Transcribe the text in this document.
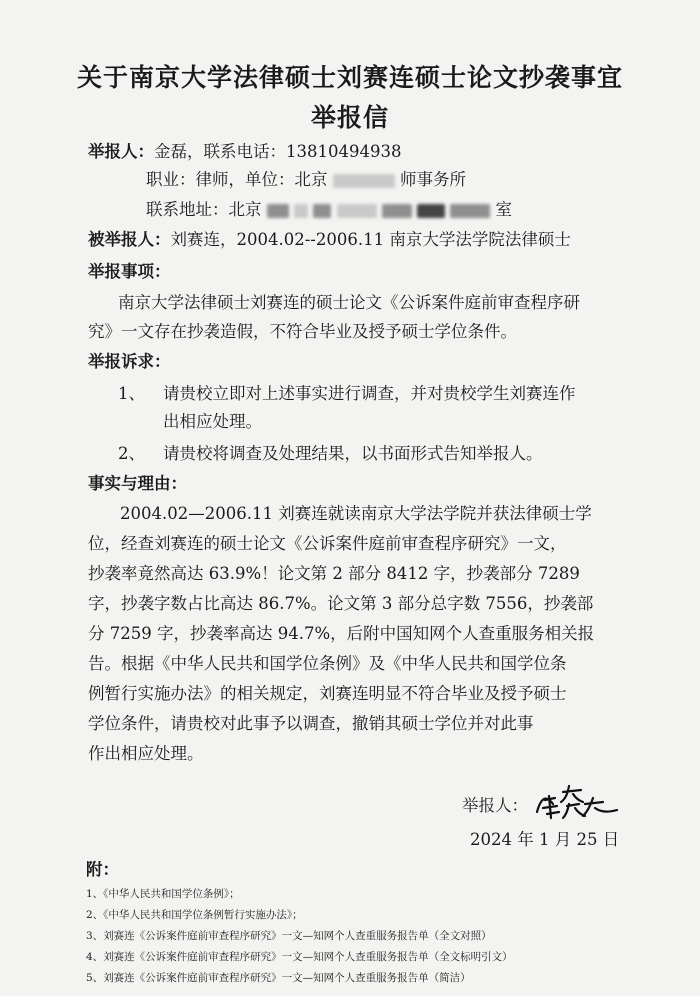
关于南京大学法律硕士刘赛连硕士论文抄袭事宜
举报信
举报人：金磊，联系电话：13810494938
职业：律师，单位：北京	师事务所
联系地址：北京	室
被举报人：刘赛连，2004.02--2006.11 南京大学法学院法律硕士
举报事项：
南京大学法律硕士刘赛连的硕士论文《公诉案件庭前审查程序研
究》一文存在抄袭造假，不符合毕业及授予硕士学位条件。
举报诉求：
1、 请贵校立即对上述事实进行调查，并对贵校学生刘赛连作
出相应处理。
2、 请贵校将调查及处理结果，以书面形式告知举报人。
事实与理由：
2004.02—2006.11 刘赛连就读南京大学法学院并获法律硕士学
位，经查刘赛连的硕士论文《公诉案件庭前审查程序研究》一文，
抄袭率竟然高达 63.9%！论文第 2 部分 8412 字，抄袭部分 7289
字，抄袭字数占比高达 86.7%。论文第 3 部分总字数 7556，抄袭部
分 7259 字，抄袭率高达 94.7%，后附中国知网个人查重服务相关报
告。根据《中华人民共和国学位条例》及《中华人民共和国学位条
例暂行实施办法》的相关规定，刘赛连明显不符合毕业及授予硕士
学位条件，请贵校对此事予以调查，撤销其硕士学位并对此事
作出相应处理。
举报人：
2024 年 1 月 25 日
附：
1、《中华人民共和国学位条例》；
2、《中华人民共和国学位条例暂行实施办法》；
3、刘赛连《公诉案件庭前审查程序研究》一文—知网个人查重服务报告单（全文对照）
4、刘赛连《公诉案件庭前审查程序研究》一文—知网个人查重服务报告单（全文标明引文）
5、刘赛连《公诉案件庭前审查程序研究》一文—知网个人查重服务报告单（简洁）
